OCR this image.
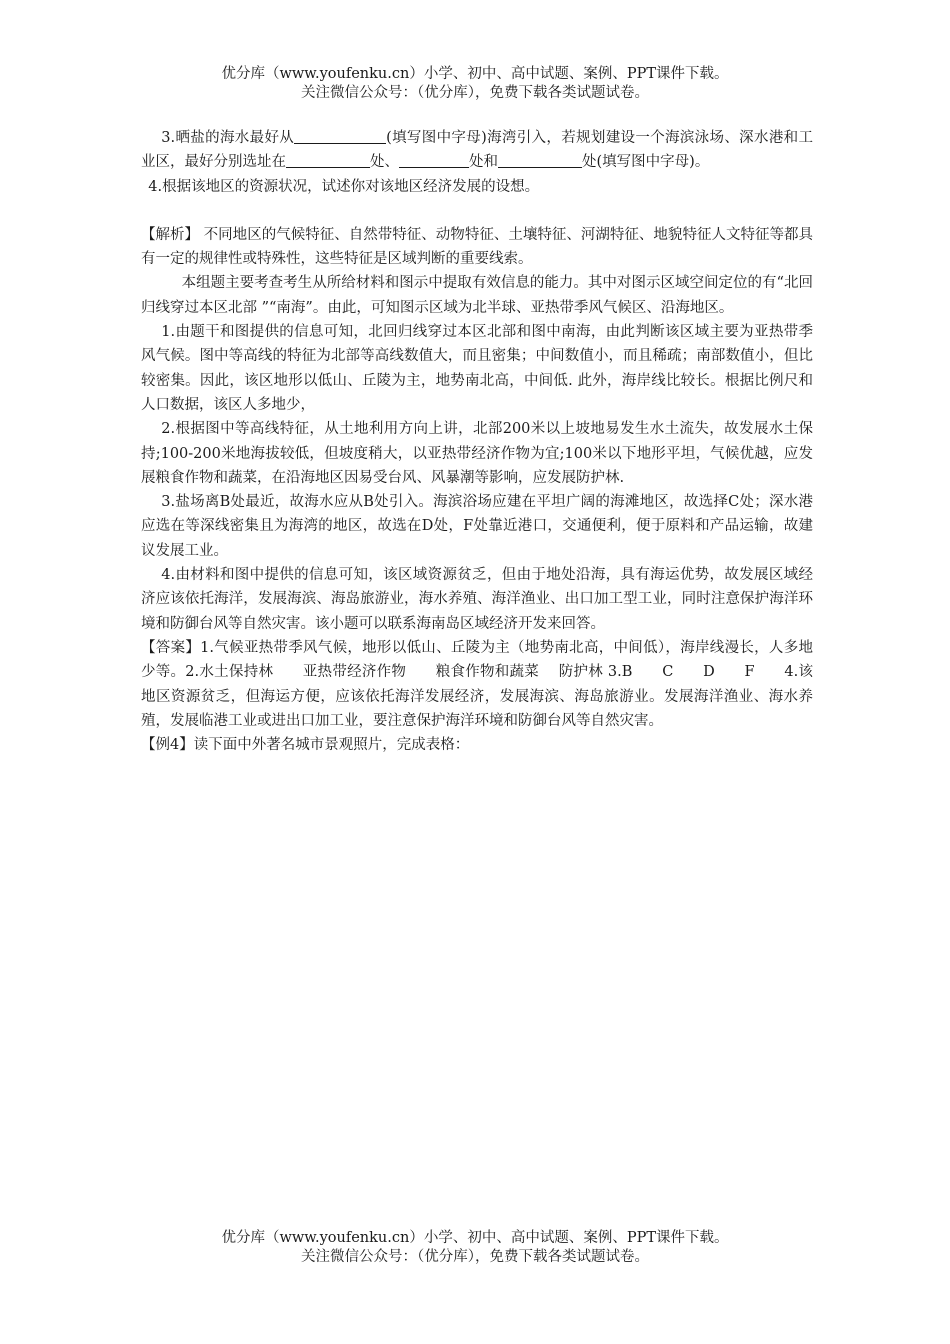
优分库（www.youfenku.cn）小学、初中、高中试题、案例、PPT课件下载。
关注微信公众号：（优分库），免费下载各类试题试卷。

3.晒盐的海水最好从	(填写图中字母)海湾引入，若规划建设一个海滨泳场、深水港和工业区，最好分别选址在	处、	处和	处(填写图中字母)。

4.根据该地区的资源状况，试述你对该地区经济发展的设想。

【解析】 不同地区的气候特征、自然带特征、动物特征、土壤特征、河湖特征、地貌特征人文特征等都具有一定的规律性或特殊性，这些特征是区域判断的重要线索。

本组题主要考查考生从所给材料和图示中提取有效信息的能力。其中对图示区域空间定位的有“北回归线穿过本区北部 ”“南海”。由此，可知图示区域为北半球、亚热带季风气候区、沿海地区。

1.由题干和图提供的信息可知，北回归线穿过本区北部和图中南海，由此判断该区域主要为亚热带季风气候。图中等高线的特征为北部等高线数值大，而且密集；中间数值小，而且稀疏；南部数值小，但比较密集。因此，该区地形以低山、丘陵为主，地势南北高，中间低. 此外，海岸线比较长。根据比例尺和人口数据，该区人多地少，

2.根据图中等高线特征，从土地利用方向上讲，北部200米以上坡地易发生水土流失，故发展水土保持;100-200米地海拔较低，但坡度稍大，以亚热带经济作物为宜;100米以下地形平坦，气候优越，应发展粮食作物和蔬菜，在沿海地区因易受台风、风暴潮等影响，应发展防护林.

3.盐场离B处最近，故海水应从B处引入。海滨浴场应建在平坦广阔的海滩地区，故选择C处；深水港应选在等深线密集且为海湾的地区，故选在D处，F处靠近港口，交通便利，便于原料和产品运输，故建议发展工业。

4.由材料和图中提供的信息可知，该区域资源贫乏，但由于地处沿海，具有海运优势，故发展区域经济应该依托海洋，发展海滨、海岛旅游业，海水养殖、海洋渔业、出口加工型工业，同时注意保护海洋环境和防御台风等自然灾害。该小题可以联系海南岛区域经济开发来回答。

【答案】1.气候亚热带季风气候，地形以低山、丘陵为主（地势南北高，中间低），海岸线漫长，人多地少等。2.水土保持林　　亚热带经济作物　　粮食作物和蔬菜　 防护林 3.B　　C　　D　　F　　4.该地区资源贫乏，但海运方便，应该依托海洋发展经济，发展海滨、海岛旅游业。发展海洋渔业、海水养殖，发展临港工业或进出口加工业，要注意保护海洋环境和防御台风等自然灾害。

【例4】读下面中外著名城市景观照片，完成表格：

优分库（www.youfenku.cn）小学、初中、高中试题、案例、PPT课件下载。
关注微信公众号：（优分库），免费下载各类试题试卷。
